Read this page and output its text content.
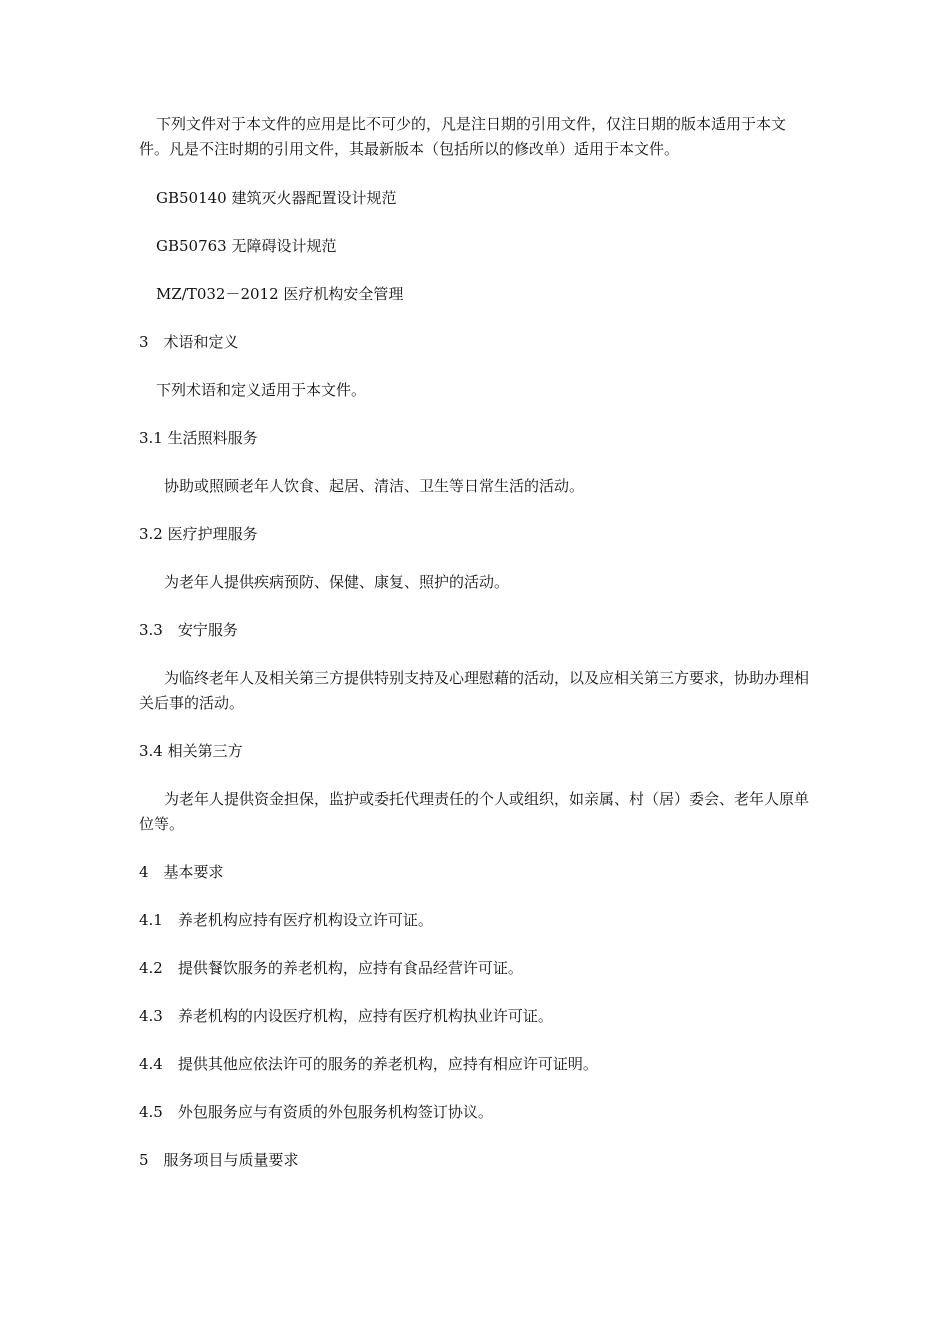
下列文件对于本文件的应用是比不可少的，凡是注日期的引用文件，仅注日期的版本适用于本文件。凡是不注时期的引用文件，其最新版本（包括所以的修改单）适用于本文件。

GB50140 建筑灭火器配置设计规范

GB50763 无障碍设计规范

MZ/T032－2012 医疗机构安全管理

3　术语和定义

下列术语和定义适用于本文件。

3.1 生活照料服务

协助或照顾老年人饮食、起居、清洁、卫生等日常生活的活动。

3.2 医疗护理服务

为老年人提供疾病预防、保健、康复、照护的活动。

3.3　安宁服务

为临终老年人及相关第三方提供特别支持及心理慰藉的活动，以及应相关第三方要求，协助办理相关后事的活动。

3.4 相关第三方

为老年人提供资金担保，监护或委托代理责任的个人或组织，如亲属、村（居）委会、老年人原单位等。

4　基本要求

4.1　养老机构应持有医疗机构设立许可证。

4.2　提供餐饮服务的养老机构，应持有食品经营许可证。

4.3　养老机构的内设医疗机构，应持有医疗机构执业许可证。

4.4　提供其他应依法许可的服务的养老机构，应持有相应许可证明。

4.5　外包服务应与有资质的外包服务机构签订协议。

5　服务项目与质量要求
